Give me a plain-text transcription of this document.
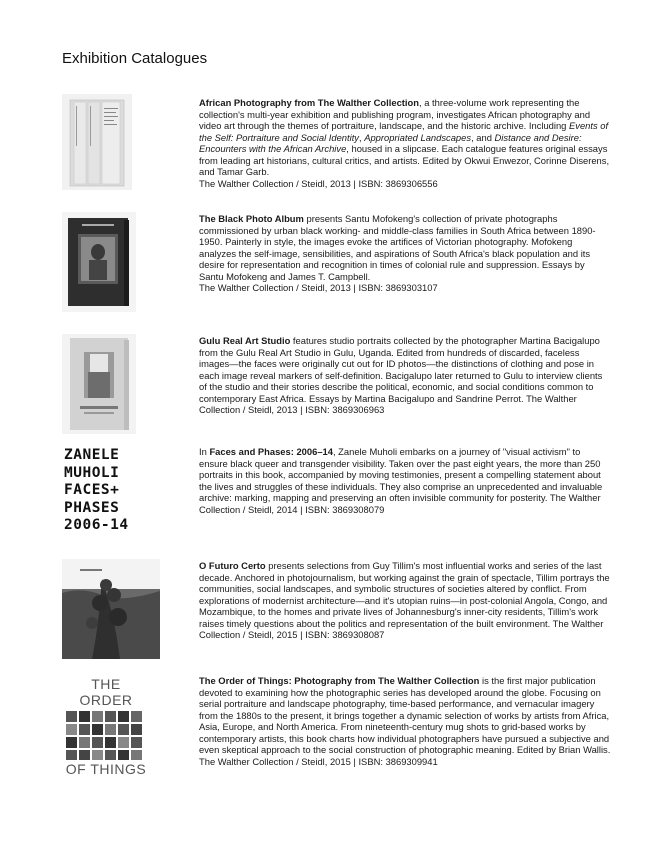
Exhibition Catalogues

African Photography from The Walther Collection, a three-volume work representing the collection's multi-year exhibition and publishing program, investigates African photography and video art through the themes of portraiture, landscape, and the historic archive. Including Events of the Self: Portraiture and Social Identity, Appropriated Landscapes, and Distance and Desire: Encounters with the African Archive, housed in a slipcase. Each catalogue features original essays from leading art historians, cultural critics, and artists. Edited by Okwui Enwezor, Corinne Diserens, and Tamar Garb.
The Walther Collection / Steidl, 2013 | ISBN: 3869306556

The Black Photo Album presents Santu Mofokeng's collection of private photographs commissioned by urban black working- and middle-class families in South Africa between 1890-1950. Painterly in style, the images evoke the artifices of Victorian photography. Mofokeng analyzes the self-image, sensibilities, and aspirations of South Africa's black population and its desire for representation and recognition in times of colonial rule and suppression. Essays by Santu Mofokeng and James T. Campbell.
The Walther Collection / Steidl, 2013 | ISBN: 3869303107

Gulu Real Art Studio features studio portraits collected by the photographer Martina Bacigalupo from the Gulu Real Art Studio in Gulu, Uganda. Edited from hundreds of discarded, faceless images—the faces were originally cut out for ID photos—the distinctions of clothing and pose in each image reveal markers of self-definition. Bacigalupo later returned to Gulu to interview clients of the studio and their stories describe the political, economic, and social conditions common to contemporary East Africa. Essays by Martina Bacigalupo and Sandrine Perrot. The Walther Collection / Steidl, 2013 | ISBN: 3869306963

ZANELE
MUHOLI
FACES+
PHASES
2006-14

In Faces and Phases: 2006–14, Zanele Muholi embarks on a journey of "visual activism" to ensure black queer and transgender visibility. Taken over the past eight years, the more than 250 portraits in this book, accompanied by moving testimonies, present a compelling statement about the lives and struggles of these individuals. They also comprise an unprecedented and invaluable archive: marking, mapping and preserving an often invisible community for posterity. The Walther Collection / Steidl, 2014 | ISBN: 3869308079

O Futuro Certo presents selections from Guy Tillim's most influential works and series of the last decade. Anchored in photojournalism, but working against the grain of spectacle, Tillim portrays the communities, social landscapes, and symbolic structures of societies altered by conflict. From explorations of modernist architecture—and it's utopian ruins—in post-colonial Angola, Congo, and Mozambique, to the homes and private lives of Johannesburg's inner-city residents, Tillim's work raises timely questions about the politics and representation of the built environment. The Walther Collection / Steidl, 2015 | ISBN: 3869308087

THE ORDER
OF THINGS

The Order of Things: Photography from The Walther Collection is the first major publication devoted to examining how the photographic series has developed around the globe. Focusing on serial portraiture and landscape photography, time-based performance, and vernacular imagery from the 1880s to the present, it brings together a dynamic selection of works by artists from Africa, Asia, Europe, and North America. From nineteenth-century mug shots to grid-based works by contemporary artists, this book charts how individual photographers have pursued a subjective and even skeptical approach to the social construction of photographic meaning. Edited by Brian Wallis.
The Walther Collection / Steidl, 2015 | ISBN: 3869309941
